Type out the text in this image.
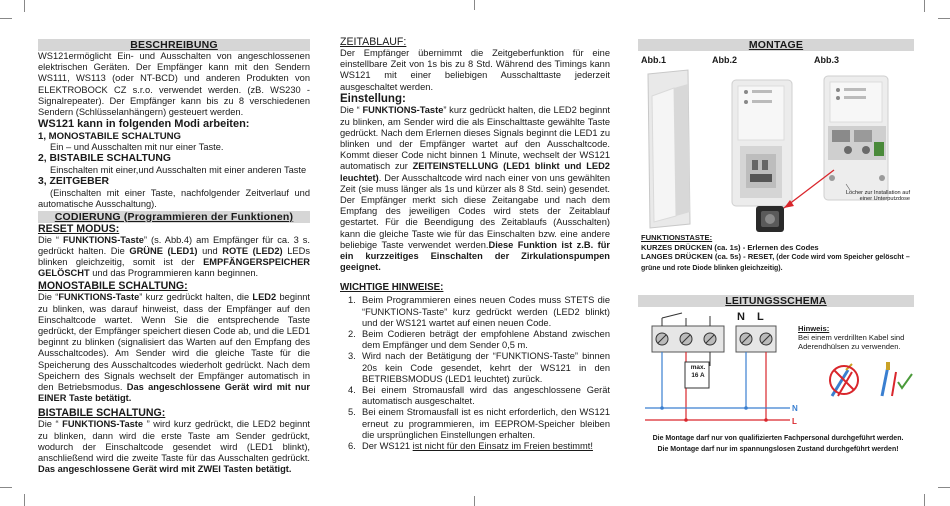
BESCHREIBUNG
WS121ermöglicht Ein- und Ausschalten von angeschlossenen elektrischen Geräten. Der Empfänger kann mit den Sendern WS111, WS113 (oder NT-BCD) und anderen Produkten von ELEKTROBOCK CZ s.r.o. verwendet werden. (zB. WS230 - Signalrepeater). Der Empfänger kann bis zu 8 verschiedenen Sendern (Schlüsselanhängern) gesteuert werden.
WS121 kann in folgenden Modi arbeiten:
1, MONOSTABILE SCHALTUNG
Ein – und Ausschalten mit nur einer Taste.
2, BISTABILE SCHALTUNG
Einschalten mit einer,und Ausschalten mit einer anderen Taste
3, ZEITGEBER
(Einschalten mit einer Taste, nachfolgender Zeitverlauf und automatische Ausschaltung).
CODIERUNG (Programmieren der Funktionen)
RESET MODUS:
Die “ FUNKTIONS-Taste” (s. Abb.4) am Empfänger für ca. 3 s. gedrückt halten. Die GRÜNE (LED1) und ROTE (LED2) LEDs blinken gleichzeitig, somit ist der EMPFÄNGERSPEICHER GELÖSCHT und das Programmieren kann beginnen.
MONOSTABILE SCHALTUNG:
Die “FUNKTIONS-Taste” kurz gedrückt halten, die LED2 beginnt zu blinken, was darauf hinweist, dass der Empfänger auf den Einschaltcode wartet. Wenn Sie die entsprechende Taste gedrückt, der Empfänger speichert diesen Code ab, und die LED1 beginnt zu blinken (signalisiert das Warten auf den Empfang des Ausschaltcodes). Am Sender wird die gleiche Taste für die Speicherung des Ausschaltcodes wiederholt gedrückt. Nach dem Speichern des Signals wechselt der Empfänger automatisch in den Betriebsmodus. Das angeschlossene Gerät wird mit nur EINER Taste betätigt.
BISTABILE SCHALTUNG:
Die “ FUNKTIONS-Taste ” wird kurz gedrückt, die LED2 beginnt zu blinken, dann wird die erste Taste am Sender gedrückt, wodurch der Einschaltcode gesendet wird (LED1 blinkt), anschließend wird die zweite Taste für das Ausschalten gedrückt. Das angeschlossene Gerät wird mit ZWEI Tasten betätigt.
ZEITABLAUF:
Der Empfänger übernimmt die Zeitgeberfunktion für eine einstellbare Zeit von 1s bis zu 8 Std. Während des Timings kann WS121 mit einer beliebigen Ausschalttaste jederzeit ausgeschaltet werden.
Einstellung:
Die “ FUNKTIONS-Taste” kurz gedrückt halten, die LED2 beginnt zu blinken, am Sender wird die als Einschalttaste gewählte Taste gedrückt. Nach dem Erlernen dieses Signals beginnt die LED1 zu blinken und der Empfänger wartet auf den Ausschaltcode. Kommt dieser Code nicht binnen 1 Minute, wechselt der WS121 automatisch zur ZEITEINSTELLUNG (LED1 blinkt und LED2 leuchtet). Der Ausschaltcode wird nach einer von uns gewählten Zeit (sie muss länger als 1s und kürzer als 8 Std. sein) gesendet. Der Empfänger merkt sich diese Zeitangabe und nach dem Empfang des jeweiligen Codes wird stets der Zeitablauf gestartet. Für die Beendigung des Zeitablaufs (Ausschalten) kann die gleiche Taste wie für das Einschalten bzw. eine andere beliebige Taste verwendet werden.Diese Funktion ist z.B. für ein kurzzeitiges Einschalten der Zirkulationspumpen geeignet.
WICHTIGE HINWEISE:
1. Beim Programmieren eines neuen Codes muss STETS die “FUNKTIONS-Taste” kurz gedrückt werden (LED2 blinkt) und der WS121 wartet auf einen neuen Code.
2. Beim Codieren beträgt der empfohlene Abstand zwischen dem Empfänger und dem Sender 0,5 m.
3. Wird nach der Betätigung der “FUNKTIONS-Taste” binnen 20s kein Code gesendet, kehrt der WS121 in den BETRIEBSMODUS (LED1 leuchtet) zurück.
4. Bei einem Stromausfall wird das angeschlossene Gerät automatisch ausgeschaltet.
5. Bei einem Stromausfall ist es nicht erforderlich, den WS121 erneut zu programmieren, im EEPROM-Speicher bleiben die ursprünglichen Einstellungen erhalten.
6. Der WS121 ist nicht für den Einsatz im Freien bestimmt!
MONTAGE
Abb.1	Abb.2	Abb.3
Löcher zur Installation auf einer Unterputzdose
FUNKTIONSTASTE:
KURZES DRÜCKEN (ca. 1s) - Erlernen des Codes
LANGES DRÜCKEN (ca. 5s) - RESET, (der Code wird vom Speicher gelöscht – grüne und rote Diode blinken gleichzeitig).
LEITUNGSSCHEMA
N L
max.
16 A
N
L
Hinweis:
Bei einem verdrillten Kabel sind Aderendhülsen zu verwenden.
Die Montage darf nur von qualifizierten Fachpersonal durchgeführt werden.
Die Montage darf nur im spannungslosen Zustand durchgeführt werden!
